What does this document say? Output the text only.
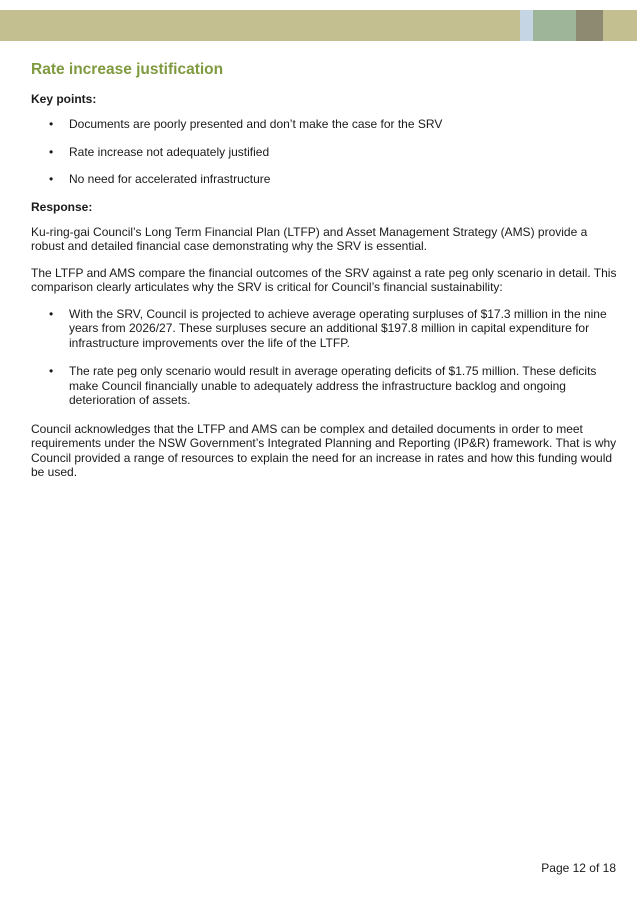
Rate increase justification
Key points:
• Documents are poorly presented and don’t make the case for the SRV
• Rate increase not adequately justified
• No need for accelerated infrastructure
Response:

Ku-ring-gai Council’s Long Term Financial Plan (LTFP) and Asset Management Strategy (AMS) provide a robust and detailed financial case demonstrating why the SRV is essential.

The LTFP and AMS compare the financial outcomes of the SRV against a rate peg only scenario in detail. This comparison clearly articulates why the SRV is critical for Council’s financial sustainability:

• With the SRV, Council is projected to achieve average operating surpluses of $17.3 million in the nine years from 2026/27. These surpluses secure an additional $197.8 million in capital expenditure for infrastructure improvements over the life of the LTFP.
• The rate peg only scenario would result in average operating deficits of $1.75 million. These deficits make Council financially unable to adequately address the infrastructure backlog and ongoing deterioration of assets.

Council acknowledges that the LTFP and AMS can be complex and detailed documents in order to meet requirements under the NSW Government’s Integrated Planning and Reporting (IP&R) framework. That is why Council provided a range of resources to explain the need for an increase in rates and how this funding would be used.

Page 12 of 18
